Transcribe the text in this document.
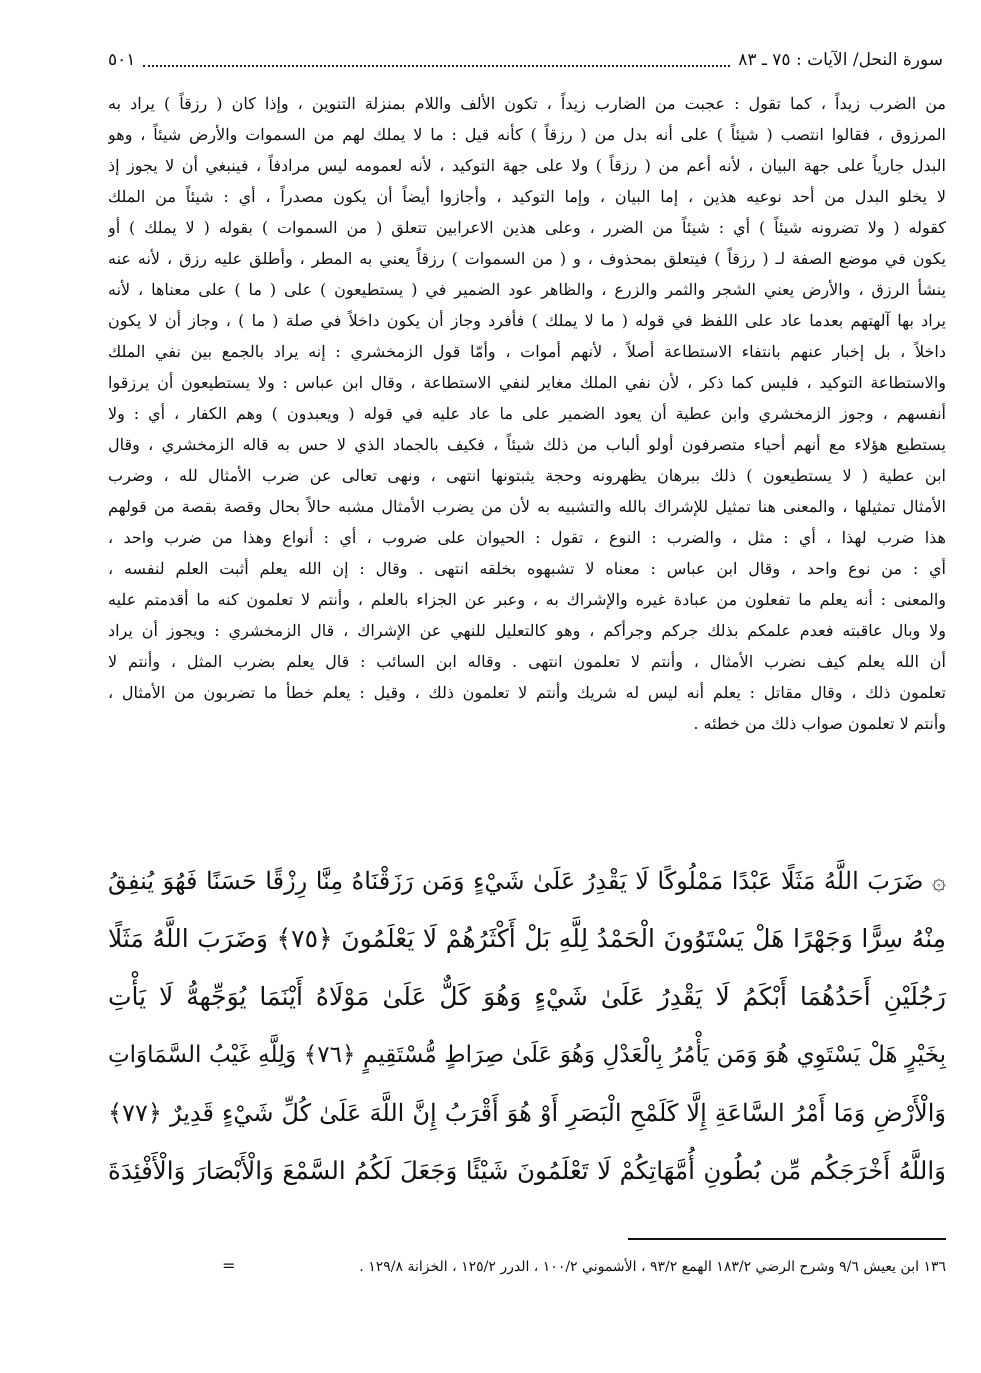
سورة النحل/ الآيات : ٧٥ ـ ٨٣
٥٠١
من الضرب زيداً ، كما تقول : عجبت من الضارب زيداً ، تكون الألف واللام بمنزلة التنوين ، وإذا كان ( رزقاً ) يراد به
المرزوق ، فقالوا انتصب ( شيئاً ) على أنه بدل من ( رزقاً ) كأنه قيل : ما لا يملك لهم من السموات والأرض شيئاً ، وهو
البدل جارياً على جهة البيان ، لأنه أعم من ( رزقاً ) ولا على جهة التوكيد ، لأنه لعمومه ليس مرادفاً ، فينبغي أن لا يجوز إذ
لا يخلو البدل من أحد نوعيه هذين ، إما البيان ، وإما التوكيد ، وأجازوا أيضاً أن يكون مصدراً ، أي : شيئاً من الملك
كقوله ( ولا تضرونه شيئاً ) أي : شيئاً من الضرر ، وعلى هذين الاعرابين تتعلق ( من السموات ) بقوله ( لا يملك ) أو
يكون في موضع الصفة لـ ( رزقاً ) فيتعلق بمحذوف ، و ( من السموات ) رزقاً يعني به المطر ، وأطلق عليه رزق ، لأنه عنه
ينشأ الرزق ، والأرض يعني الشجر والثمر والزرع ، والظاهر عود الضمير في ( يستطيعون ) على ( ما ) على معناها ، لأنه
يراد بها آلهتهم بعدما عاد على اللفظ في قوله ( ما لا يملك ) فأفرد وجاز أن يكون داخلاً في صلة ( ما ) ، وجاز أن لا يكون
داخلاً ، بل إخبار عنهم بانتفاء الاستطاعة أصلاً ، لأنهم أموات ، وأمّا قول الزمخشري : إنه يراد بالجمع بين نفي الملك
والاستطاعة التوكيد ، فليس كما ذكر ، لأن نفي الملك مغاير لنفي الاستطاعة ، وقال ابن عباس : ولا يستطيعون أن يرزقوا
أنفسهم ، وجوز الزمخشري وابن عطية أن يعود الضمير على ما عاد عليه في قوله ( ويعبدون ) وهم الكفار ، أي : ولا
يستطيع هؤلاء مع أنهم أحياء متصرفون أولو ألباب من ذلك شيئاً ، فكيف بالجماد الذي لا حس به قاله الزمخشري ، وقال
ابن عطية ( لا يستطيعون ) ذلك ببرهان يظهرونه وحجة يثبتونها انتهى ، ونهى تعالى عن ضرب الأمثال لله ، وضرب
الأمثال تمثيلها ، والمعنى هنا تمثيل للإشراك بالله والتشبيه به لأن من يضرب الأمثال مشبه حالاً بحال وقصة بقصة من قولهم
هذا ضرب لهذا ، أي : مثل ، والضرب : النوع ، تقول : الحيوان على ضروب ، أي : أنواع وهذا من ضرب واحد ،
أي : من نوع واحد ، وقال ابن عباس : معناه لا تشبهوه بخلقه انتهى . وقال : إن الله يعلم أثبت العلم لنفسه ،
والمعنى : أنه يعلم ما تفعلون من عبادة غيره والإشراك به ، وعبر عن الجزاء بالعلم ، وأنتم لا تعلمون كنه ما أقدمتم عليه
ولا وبال عاقبته فعدم علمكم بذلك جركم وجرأكم ، وهو كالتعليل للنهي عن الإشراك ، قال الزمخشري : ويجوز أن يراد
أن الله يعلم كيف نضرب الأمثال ، وأنتم لا تعلمون انتهى . وقاله ابن السائب : قال يعلم بضرب المثل ، وأنتم لا
تعلمون ذلك ، وقال مقاتل : يعلم أنه ليس له شريك وأنتم لا تعلمون ذلك ، وقيل : يعلم خطأ ما تضربون من الأمثال ،
وأنتم لا تعلمون صواب ذلك من خطئه .
۞ ضَرَبَ اللَّهُ مَثَلًا عَبْدًا مَمْلُوكًا لَا يَقْدِرُ عَلَىٰ شَيْءٍ وَمَن رَزَقْنَاهُ مِنَّا رِزْقًا حَسَنًا فَهُوَ يُنفِقُ
مِنْهُ سِرًّا وَجَهْرًا هَلْ يَسْتَوُونَ الْحَمْدُ لِلَّهِ بَلْ أَكْثَرُهُمْ لَا يَعْلَمُونَ ﴿٧٥﴾ وَضَرَبَ اللَّهُ مَثَلًا
رَجُلَيْنِ أَحَدُهُمَا أَبْكَمُ لَا يَقْدِرُ عَلَىٰ شَيْءٍ وَهُوَ كَلٌّ عَلَىٰ مَوْلَاهُ أَيْنَمَا يُوَجِّههُّ لَا يَأْتِ
بِخَيْرٍ هَلْ يَسْتَوِي هُوَ وَمَن يَأْمُرُ بِالْعَدْلِ وَهُوَ عَلَىٰ صِرَاطٍ مُّسْتَقِيمٍ ﴿٧٦﴾ وَلِلَّهِ غَيْبُ السَّمَاوَاتِ
وَالْأَرْضِ وَمَا أَمْرُ السَّاعَةِ إِلَّا كَلَمْحِ الْبَصَرِ أَوْ هُوَ أَقْرَبُ إِنَّ اللَّهَ عَلَىٰ كُلِّ شَيْءٍ قَدِيرٌ ﴿٧٧﴾
وَاللَّهُ أَخْرَجَكُم مِّن بُطُونِ أُمَّهَاتِكُمْ لَا تَعْلَمُونَ شَيْئًا وَجَعَلَ لَكُمُ السَّمْعَ وَالْأَبْصَارَ وَالْأَفْئِدَةَ
١٣٦ ابن يعيش ٩/٦ وشرح الرضي ١٨٣/٢ الهمع ٩٣/٢ ، الأشموني ١٠٠/٢ ، الدرر ١٢٥/٢ ، الخزانة ١٢٩/٨ .
=
